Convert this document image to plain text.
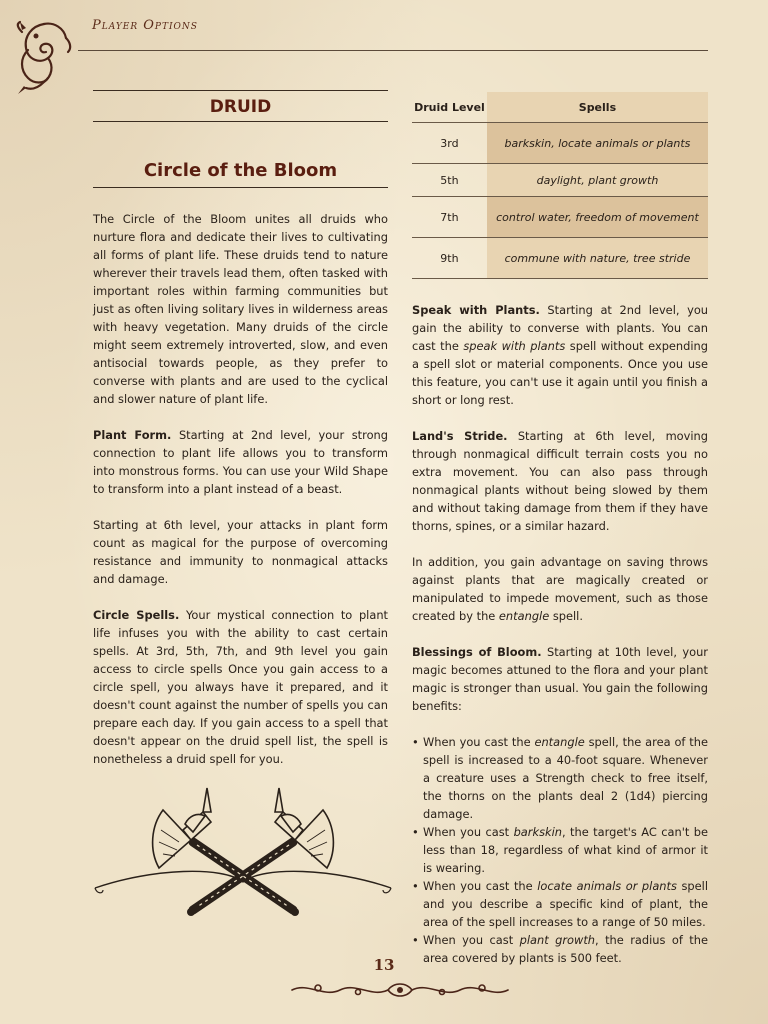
Player Options
DRUID
Circle of the Bloom

The Circle of the Bloom unites all druids who nurture flora and dedicate their lives to cultivating all forms of plant life. These druids tend to nature wherever their travels lead them, often tasked with important roles within farming communities but just as often living solitary lives in wilderness areas with heavy vegetation. Many druids of the circle might seem extremely introverted, slow, and even antisocial towards people, as they prefer to converse with plants and are used to the cyclical and slower nature of plant life.

Plant Form. Starting at 2nd level, your strong connection to plant life allows you to transform into monstrous forms. You can use your Wild Shape to transform into a plant instead of a beast.

Starting at 6th level, your attacks in plant form count as magical for the purpose of overcoming resistance and immunity to nonmagical attacks and damage.

Circle Spells. Your mystical connection to plant life infuses you with the ability to cast certain spells. At 3rd, 5th, 7th, and 9th level you gain access to circle spells Once you gain access to a circle spell, you always have it prepared, and it doesn't count against the number of spells you can prepare each day. If you gain access to a spell that doesn't appear on the druid spell list, the spell is nonetheless a druid spell for you.

Druid Level	Spells
3rd	barkskin, locate animals or plants
5th	daylight, plant growth
7th	control water, freedom of movement
9th	commune with nature, tree stride

Speak with Plants. Starting at 2nd level, you gain the ability to converse with plants. You can cast the speak with plants spell without expending a spell slot or material components. Once you use this feature, you can't use it again until you finish a short or long rest.

Land's Stride. Starting at 6th level, moving through nonmagical difficult terrain costs you no extra movement. You can also pass through nonmagical plants without being slowed by them and without taking damage from them if they have thorns, spines, or a similar hazard.

In addition, you gain advantage on saving throws against plants that are magically created or manipulated to impede movement, such as those created by the entangle spell.

Blessings of Bloom. Starting at 10th level, your magic becomes attuned to the flora and your plant magic is stronger than usual. You gain the following benefits:

• When you cast the entangle spell, the area of the spell is increased to a 40-foot square. Whenever a creature uses a Strength check to free itself, the thorns on the plants deal 2 (1d4) piercing damage.
• When you cast barkskin, the target's AC can't be less than 18, regardless of what kind of armor it is wearing.
• When you cast the locate animals or plants spell and you describe a specific kind of plant, the area of the spell increases to a range of 50 miles.
• When you cast plant growth, the radius of the area covered by plants is 500 feet.
13
